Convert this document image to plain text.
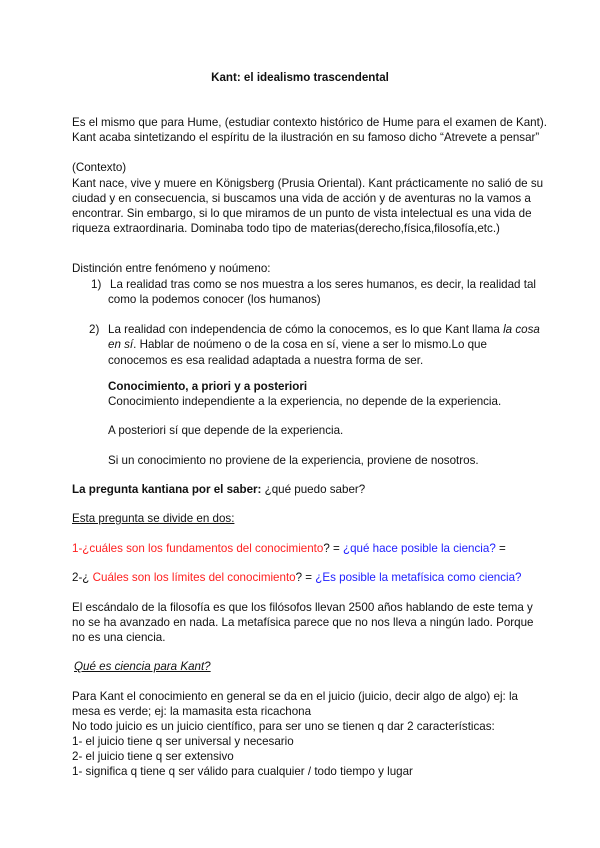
Kant: el idealismo trascendental
Es el mismo que para Hume, (estudiar contexto histórico de Hume para el examen de Kant).
Kant acaba sintetizando el espíritu de la ilustración en su famoso dicho “Atrevete a pensar”
(Contexto)
Kant nace, vive y muere en Königsberg (Prusia Oriental). Kant prácticamente no salió de su
ciudad y en consecuencia, si buscamos una vida de acción y de aventuras no la vamos a
encontrar. Sin embargo, si lo que miramos de un punto de vista intelectual es una vida de
riqueza extraordinaria. Dominaba todo tipo de materias(derecho,física,filosofía,etc.)
Distinción entre fenómeno y noúmeno:
1) La realidad tras como se nos muestra a los seres humanos, es decir, la realidad tal
como la podemos conocer (los humanos)
2) La realidad con independencia de cómo la conocemos, es lo que Kant llama la cosa
en sí. Hablar de noúmeno o de la cosa en sí, viene a ser lo mismo.Lo que
conocemos es esa realidad adaptada a nuestra forma de ser.
Conocimiento, a priori y a posteriori
Conocimiento independiente a la experiencia, no depende de la experiencia.
A posteriori sí que depende de la experiencia.
Si un conocimiento no proviene de la experiencia, proviene de nosotros.
La pregunta kantiana por el saber: ¿qué puedo saber?
Esta pregunta se divide en dos:
1-¿cuáles son los fundamentos del conocimiento? = ¿qué hace posible la ciencia? =
2-¿ Cuáles son los límites del conocimiento? = ¿Es posible la metafísica como ciencia?
El escándalo de la filosofía es que los filósofos llevan 2500 años hablando de este tema y
no se ha avanzado en nada. La metafísica parece que no nos lleva a ningún lado. Porque
no es una ciencia.
Qué es ciencia para Kant?
Para Kant el conocimiento en general se da en el juicio (juicio, decir algo de algo) ej: la
mesa es verde; ej: la mamasita esta ricachona
No todo juicio es un juicio científico, para ser uno se tienen q dar 2 características:
1- el juicio tiene q ser universal y necesario
2- el juicio tiene q ser extensivo
1- significa q tiene q ser válido para cualquier / todo tiempo y lugar
